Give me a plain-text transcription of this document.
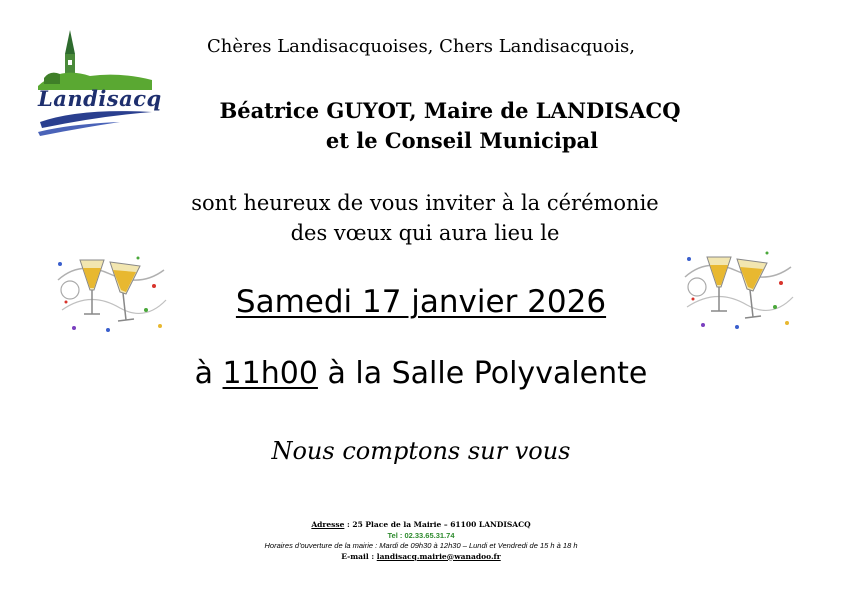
Landisacq
Chères Landisacquoises, Chers Landisacquois,
Béatrice GUYOT, Maire de LANDISACQ
et le Conseil Municipal
sont heureux de vous inviter à la cérémonie
des vœux qui aura lieu le
Samedi 17 janvier 2026
à 11h00 à la Salle Polyvalente
Nous comptons sur vous
Adresse : 25 Place de la Mairie – 61100 LANDISACQ
Tel : 02.33.65.31.74
Horaires d'ouverture de la mairie : Mardi de 09h30 à 12h30 – Lundi et Vendredi de 15 h à 18 h
E-mail : landisacq.mairie@wanadoo.fr
